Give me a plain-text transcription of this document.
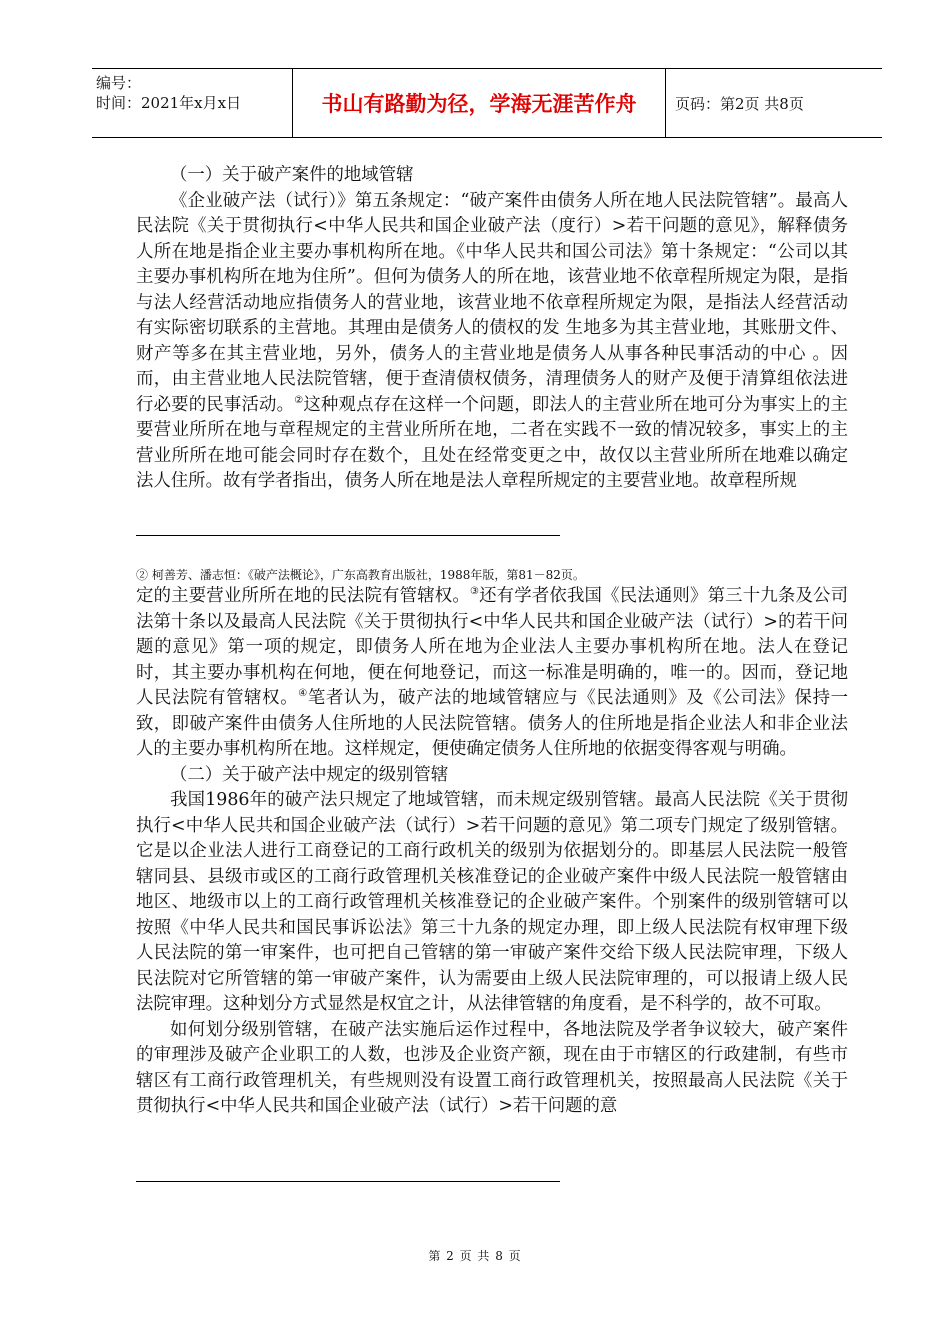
编号：
时间：2021年x月x日	书山有路勤为径，学海无涯苦作舟	页码：第2页 共8页

（一）关于破产案件的地域管辖

《企业破产法（试行）》第五条规定：“破产案件由债务人所在地人民法院管辖”。最高人民法院《关于贯彻执行<中华人民共和国企业破产法（度行）>若干问题的意见》，解释债务人所在地是指企业主要办事机构所在地。《中华人民共和国公司法》第十条规定：“公司以其主要办事机构所在地为住所”。但何为债务人的所在地，该营业地不依章程所规定为限，是指与法人经营活动地应指债务人的营业地，该营业地不依章程所规定为限，是指法人经营活动有实际密切联系的主营地。其理由是债务人的债权的发 生地多为其主营业地，其账册文件、财产等多在其主营业地，另外，债务人的主营业地是债务人从事各种民事活动的中心 。因而，由主营业地人民法院管辖，便于查清债权债务，清理债务人的财产及便于清算组依法进行必要的民事活动。②这种观点存在这样一个问题，即法人的主营业所在地可分为事实上的主要营业所所在地与章程规定的主营业所所在地，二者在实践不一致的情况较多，事实上的主营业所所在地可能会同时存在数个，且处在经常变更之中，故仅以主营业所所在地难以确定法人住所。故有学者指出，债务人所在地是法人章程所规定的主要营业地。故章程所规

② 柯善芳、潘志恒：《破产法概论》，广东高教育出版社，1988年版，第81－82页。

定的主要营业所所在地的民法院有管辖权。③还有学者依我国《民法通则》第三十九条及公司法第十条以及最高人民法院《关于贯彻执行<中华人民共和国企业破产法（试行）>的若干问题的意见》第一项的规定，即债务人所在地为企业法人主要办事机构所在地。法人在登记时，其主要办事机构在何地，便在何地登记，而这一标准是明确的，唯一的。因而，登记地人民法院有管辖权。④笔者认为，破产法的地域管辖应与《民法通则》及《公司法》保持一致，即破产案件由债务人住所地的人民法院管辖。债务人的住所地是指企业法人和非企业法人的主要办事机构所在地。这样规定，便使确定债务人住所地的依据变得客观与明确。

（二）关于破产法中规定的级别管辖

我国1986年的破产法只规定了地域管辖，而未规定级别管辖。最高人民法院《关于贯彻执行<中华人民共和国企业破产法（试行）>若干问题的意见》第二项专门规定了级别管辖。它是以企业法人进行工商登记的工商行政机关的级别为依据划分的。即基层人民法院一般管辖同县、县级市或区的工商行政管理机关核准登记的企业破产案件中级人民法院一般管辖由地区、地级市以上的工商行政管理机关核准登记的企业破产案件。个别案件的级别管辖可以按照《中华人民共和国民事诉讼法》第三十九条的规定办理，即上级人民法院有权审理下级人民法院的第一审案件，也可把自己管辖的第一审破产案件交给下级人民法院审理，下级人民法院对它所管辖的第一审破产案件，认为需要由上级人民法院审理的，可以报请上级人民法院审理。这种划分方式显然是权宜之计，从法律管辖的角度看，是不科学的，故不可取。

如何划分级别管辖，在破产法实施后运作过程中，各地法院及学者争议较大，破产案件的审理涉及破产企业职工的人数，也涉及企业资产额，现在由于市辖区的行政建制，有些市辖区有工商行政管理机关，有些规则没有设置工商行政管理机关，按照最高人民法院《关于贯彻执行<中华人民共和国企业破产法（试行）>若干问题的意

第 2 页 共 8 页
